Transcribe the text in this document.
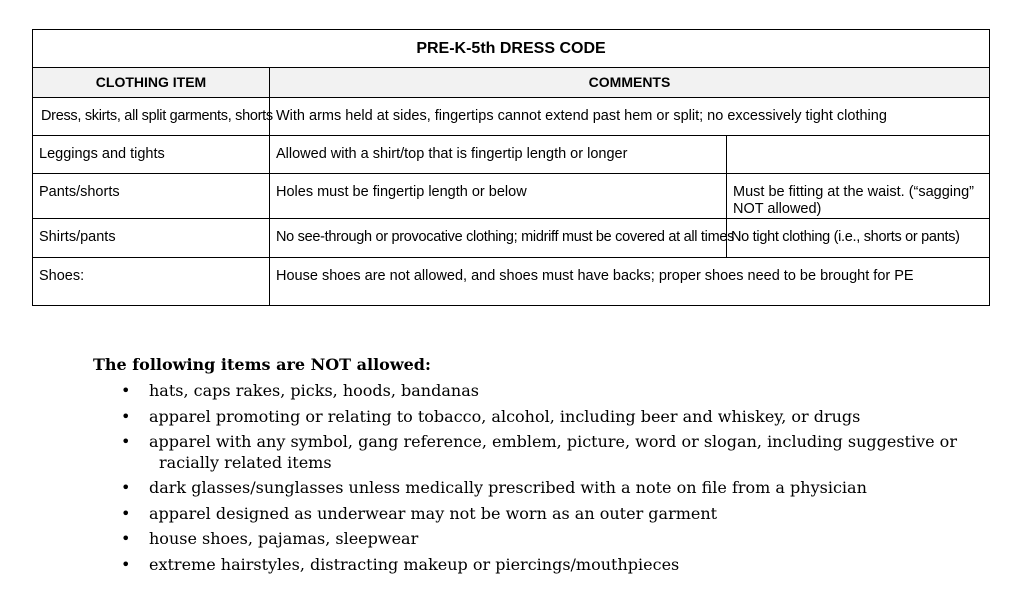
PRE-K-5th DRESS CODE		
CLOTHING ITEM	COMMENTS	
Dress, skirts, all split garments, shorts	With arms held at sides, fingertips cannot extend past hem or split; no excessively tight clothing	
Leggings and tights	Allowed with a shirt/top that is fingertip length or longer	
Pants/shorts	Holes must be fingertip length or below	Must be fitting at the waist. (“sagging” NOT allowed)
Shirts/pants	No see-through or provocative clothing; midriff must be covered at all times	No tight clothing (i.e., shorts or pants)
Shoes:	House shoes are not allowed, and shoes must have backs; proper shoes need to be brought for PE	
The following items are NOT allowed:
• hats, caps rakes, picks, hoods, bandanas
• apparel promoting or relating to tobacco, alcohol, including beer and whiskey, or drugs
• apparel with any symbol, gang reference, emblem, picture, word or slogan, including suggestive or racially related items
• dark glasses/sunglasses unless medically prescribed with a note on file from a physician
• apparel designed as underwear may not be worn as an outer garment
• house shoes, pajamas, sleepwear
• extreme hairstyles, distracting makeup or piercings/mouthpieces
